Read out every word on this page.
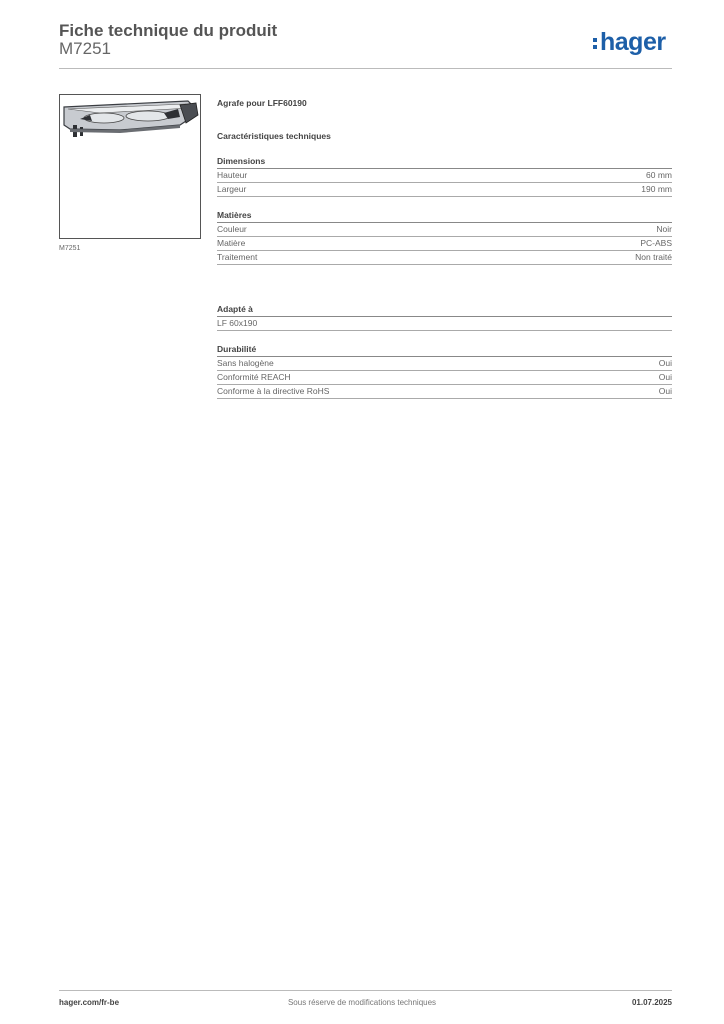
Fiche technique du produit
M7251	hager
M7251
Agrafe pour LFF60190
Caractéristiques techniques
Dimensions
Hauteur	60 mm
Largeur	190 mm
Matières
Couleur	Noir
Matière	PC-ABS
Traitement	Non traité
Adapté à
LF 60x190
Durabilité
Sans halogène	Oui
Conformité REACH	Oui
Conforme à la directive RoHS	Oui
hager.com/fr-be	Sous réserve de modifications techniques	01.07.2025
